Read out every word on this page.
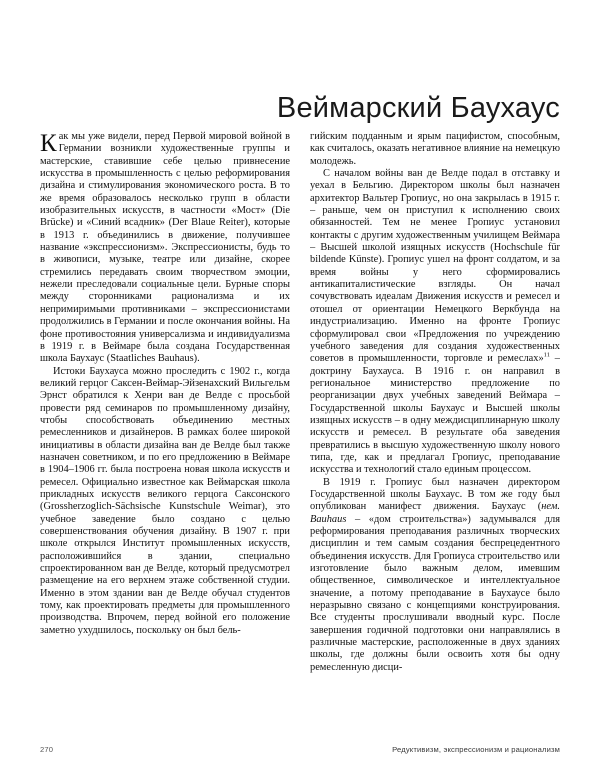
Веймарский Баухаус

Как мы уже видели, перед Первой мировой войной в Германии возникли художественные группы и мастерские, ставившие себе целью привнесение искусства в промышленность с целью реформирования дизайна и стимулирования экономического роста. В то же время образовалось несколько групп в области изобразительных искусств, в частности «Мост» (Die Brücke) и «Синий всадник» (Der Blaue Reiter), которые в 1913 г. объединились в движение, получившее название «экспрессионизм». Экспрессионисты, будь то в живописи, музыке, театре или дизайне, скорее стремились передавать своим творчеством эмоции, нежели преследовали социальные цели. Бурные споры между сторонниками рационализма и их непримиримыми противниками – экспрессионистами продолжились в Германии и после окончания войны. На фоне противостояния универсализма и индивидуализма в 1919 г. в Веймаре была создана Государственная школа Баухаус (Staatliches Bauhaus).

Истоки Баухауса можно проследить с 1902 г., когда великий герцог Саксен-Веймар-Эйзенахский Вильгельм Эрнст обратился к Хенри ван де Велде с просьбой провести ряд семинаров по промышленному дизайну, чтобы способствовать объединению местных ремесленников и дизайнеров. В рамках более широкой инициативы в области дизайна ван де Велде был также назначен советником, и по его предложению в Веймаре в 1904–1906 гг. была построена новая школа искусств и ремесел. Официально известное как Веймарская школа прикладных искусств великого герцога Саксонского (Grossherzoglich-Sächsische Kunstschule Weimar), это учебное заведение было создано с целью совершенствования обучения дизайну. В 1907 г. при школе открылся Институт промышленных искусств, расположившийся в здании, специально спроектированном ван де Велде, который предусмотрел размещение на его верхнем этаже собственной студии. Именно в этом здании ван де Велде обучал студентов тому, как проектировать предметы для промышленного производства. Впрочем, перед войной его положение заметно ухудшилось, поскольку он был бель-

гийским подданным и ярым пацифистом, способным, как считалось, оказать негативное влияние на немецкую молодежь.

С началом войны ван де Велде подал в отставку и уехал в Бельгию. Директором школы был назначен архитектор Вальтер Гропиус, но она закрылась в 1915 г. – раньше, чем он приступил к исполнению своих обязанностей. Тем не менее Гропиус установил контакты с другим художественным училищем Веймара – Высшей школой изящных искусств (Hochschule für bildende Künste). Гропиус ушел на фронт солдатом, и за время войны у него сформировались антикапиталистические взгляды. Он начал сочувствовать идеалам Движения искусств и ремесел и отошел от ориентации Немецкого Веркбунда на индустриализацию. Именно на фронте Гропиус сформулировал свои «Предложения по учреждению учебного заведения для создания художественных советов в промышленности, торговле и ремеслах»$^{11}$ – доктрину Баухауса. В 1916 г. он направил в региональное министерство предложение по реорганизации двух учебных заведений Веймара – Государственной школы Баухаус и Высшей школы изящных искусств – в одну междисциплинарную школу искусств и ремесел. В результате оба заведения превратились в высшую художественную школу нового типа, где, как и предлагал Гропиус, преподавание искусства и технологий стало единым процессом.

В 1919 г. Гропиус был назначен директором Государственной школы Баухаус. В том же году был опубликован манифест движения. Баухаус (нем. Bauhaus – «дом строительства») задумывался для реформирования преподавания различных творческих дисциплин и тем самым создания беспрецедентного объединения искусств. Для Гропиуса строительство или изготовление было важным делом, имевшим общественное, символическое и интеллектуальное значение, а потому преподавание в Баухаусе было неразрывно связано с концепциями конструирования. Все студенты прослушивали вводный курс. После завершения годичной подготовки они направлялись в различные мастерские, расположенные в двух зданиях школы, где должны были освоить хотя бы одну ремесленную дисци-

270	Редуктивизм, экспрессионизм и рационализм
